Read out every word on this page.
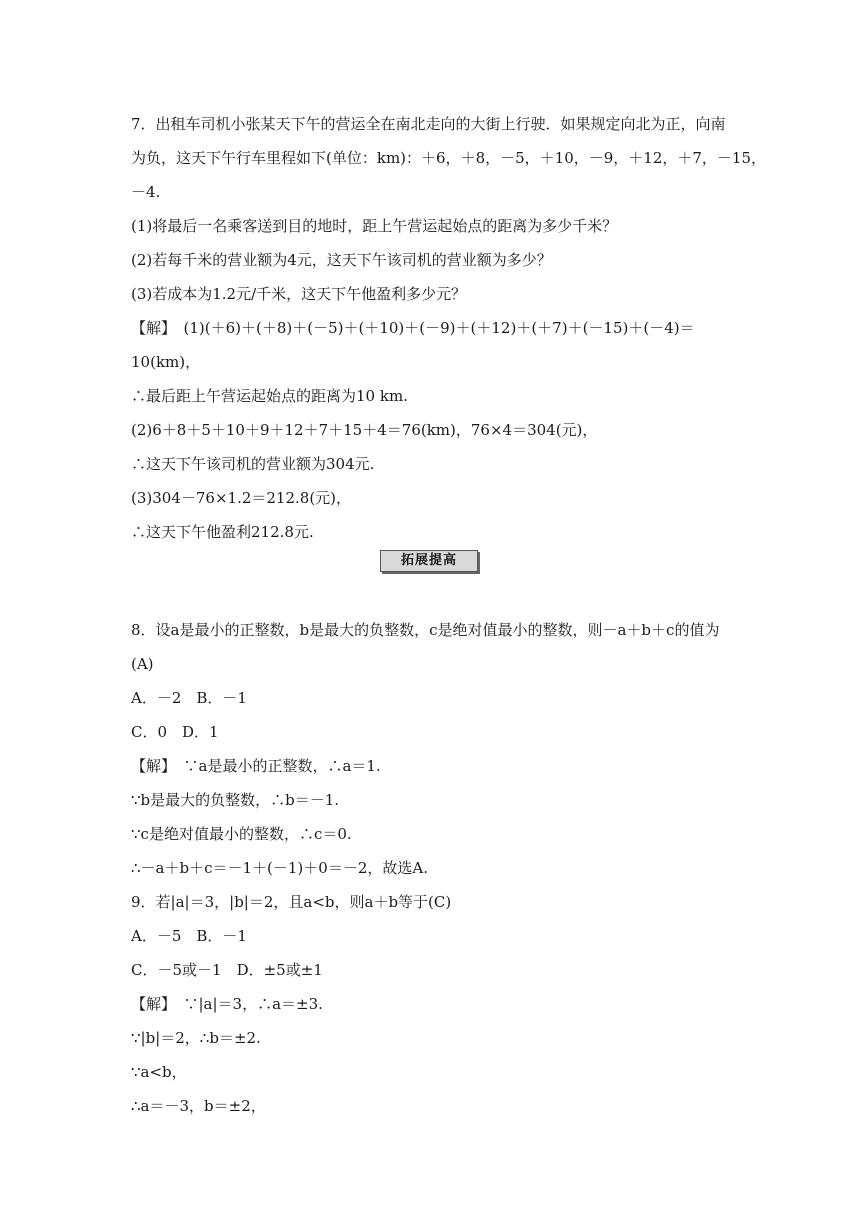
7．出租车司机小张某天下午的营运全在南北走向的大街上行驶．如果规定向北为正，向南
为负，这天下午行车里程如下(单位：km)：＋6，＋8，－5，＋10，－9，＋12，＋7，－15，
－4.
(1)将最后一名乘客送到目的地时，距上午营运起始点的距离为多少千米？
(2)若每千米的营业额为4元，这天下午该司机的营业额为多少？
(3)若成本为1.2元/千米，这天下午他盈利多少元？
【解】　(1)(＋6)＋(＋8)＋(－5)＋(＋10)＋(－9)＋(＋12)＋(＋7)＋(－15)＋(－4)＝
10(km)，
∴最后距上午营运起始点的距离为10 km.
(2)6＋8＋5＋10＋9＋12＋7＋15＋4＝76(km)，76×4＝304(元)，
∴这天下午该司机的营业额为304元.
(3)304－76×1.2＝212.8(元)，
∴这天下午他盈利212.8元.
拓展提高
8．设a是最小的正整数，b是最大的负整数，c是绝对值最小的整数，则－a＋b＋c的值为
(A)
A．－2　B．－1
C．0　D．1
【解】　∵a是最小的正整数，∴a＝1.
∵b是最大的负整数，∴b＝－1.
∵c是绝对值最小的整数，∴c＝0.
∴－a＋b＋c＝－1＋(－1)＋0＝－2，故选A.
9．若|a|＝3，|b|＝2，且a<b，则a＋b等于(C)
A．－5　B．－1
C．－5或－1　D．±5或±1
【解】　∵|a|＝3，∴a＝±3.
∵|b|＝2，∴b＝±2.
∵a<b，
∴a＝－3，b＝±2，
